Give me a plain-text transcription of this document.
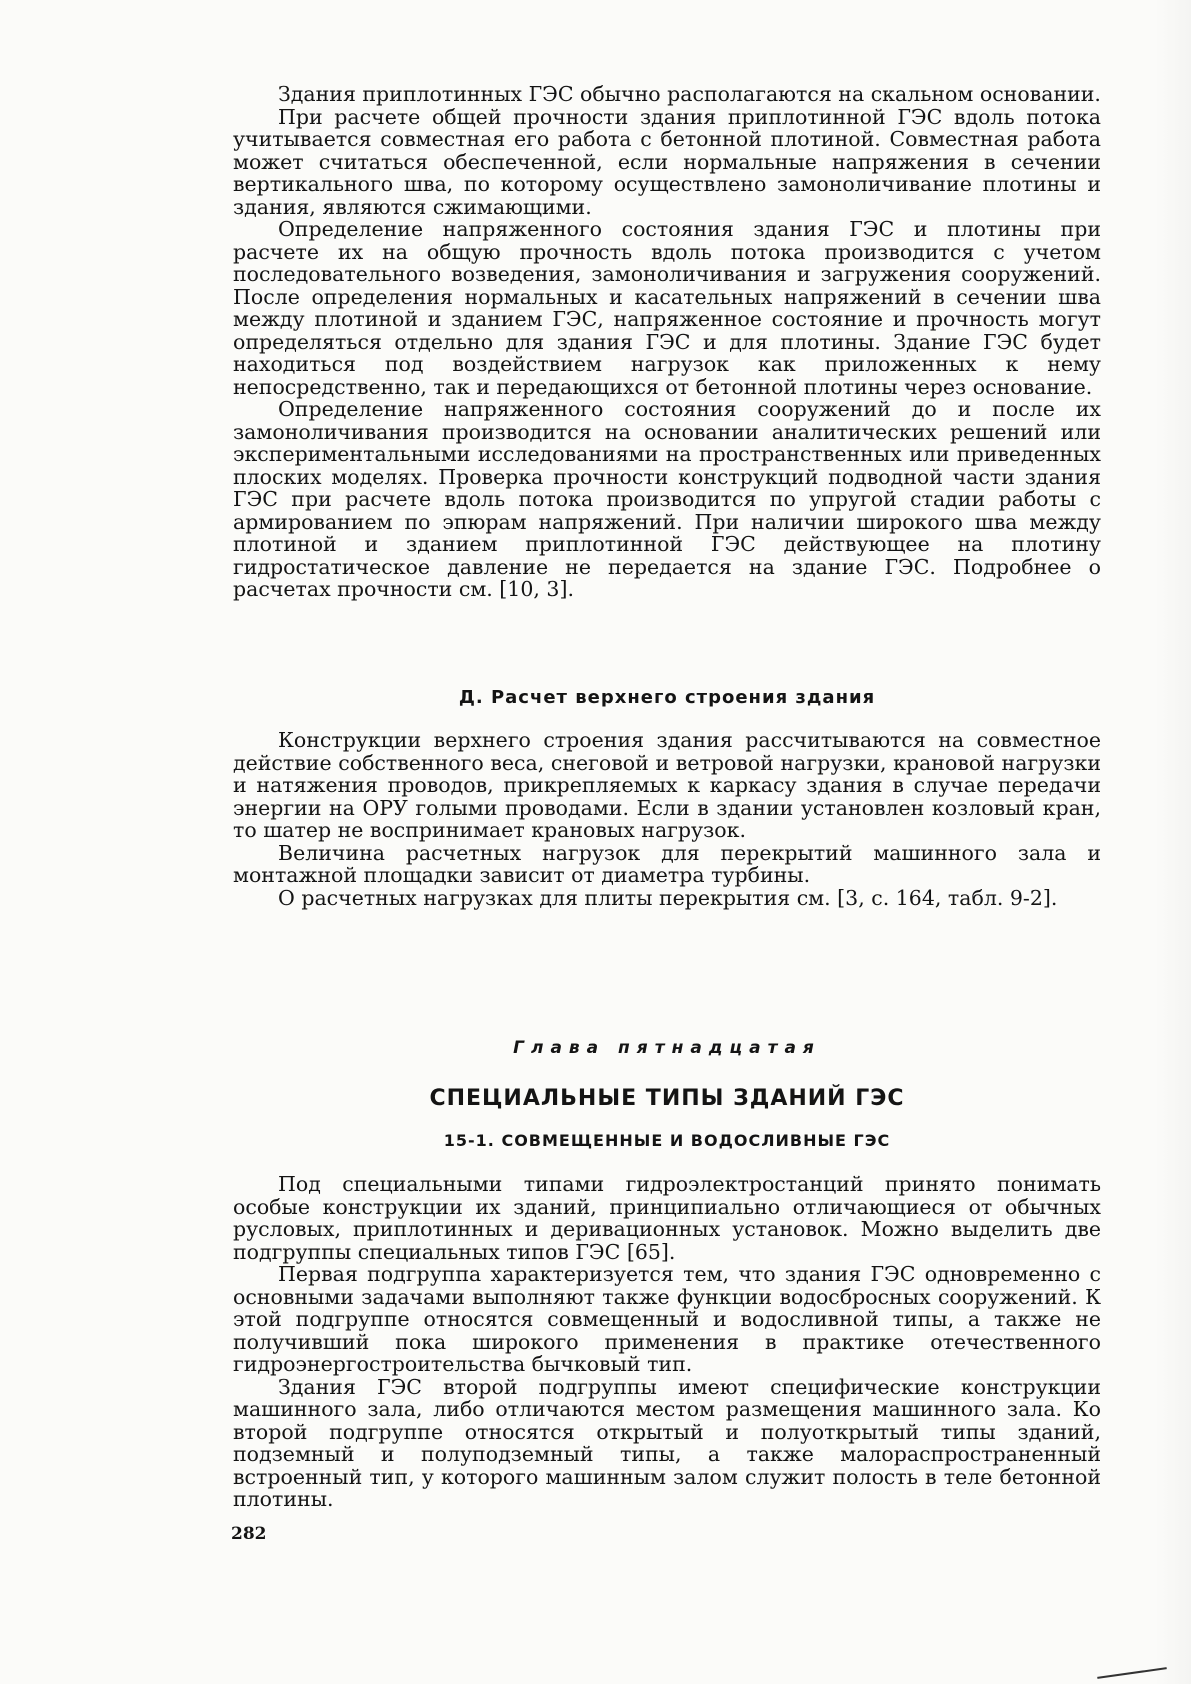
Здания приплотинных ГЭС обычно располагаются на скальном основании.

При расчете общей прочности здания приплотинной ГЭС вдоль потока учитывается совместная его работа с бетонной плотиной. Совместная работа может считаться обеспеченной, если нормальные напряжения в сечении вертикального шва, по которому осуществлено замоноличивание плотины и здания, являются сжимающими.

Определение напряженного состояния здания ГЭС и плотины при расчете их на общую прочность вдоль потока производится с учетом последовательного возведения, замоноличивания и загружения сооружений. После определения нормальных и касательных напряжений в сечении шва между плотиной и зданием ГЭС, напряженное состояние и прочность могут определяться отдельно для здания ГЭС и для плотины. Здание ГЭС будет находиться под воздействием нагрузок как приложенных к нему непосредственно, так и передающихся от бетонной плотины через основание.

Определение напряженного состояния сооружений до и после их замоноличивания производится на основании аналитических решений или экспериментальными исследованиями на пространственных или приведенных плоских моделях. Проверка прочности конструкций подводной части здания ГЭС при расчете вдоль потока производится по упругой стадии работы с армированием по эпюрам напряжений. При наличии широкого шва между плотиной и зданием приплотинной ГЭС действующее на плотину гидростатическое давление не передается на здание ГЭС. Подробнее о расчетах прочности см. [10, 3].

Д. Расчет верхнего строения здания

Конструкции верхнего строения здания рассчитываются на совместное действие собственного веса, снеговой и ветровой нагрузки, крановой нагрузки и натяжения проводов, прикрепляемых к каркасу здания в случае передачи энергии на ОРУ голыми проводами. Если в здании установлен козловый кран, то шатер не воспринимает крановых нагрузок.

Величина расчетных нагрузок для перекрытий машинного зала и монтажной площадки зависит от диаметра турбины.

О расчетных нагрузках для плиты перекрытия см. [3, с. 164, табл. 9-2].

Глава пятнадцатая
СПЕЦИАЛЬНЫЕ ТИПЫ ЗДАНИЙ ГЭС
15-1. СОВМЕЩЕННЫЕ И ВОДОСЛИВНЫЕ ГЭС

Под специальными типами гидроэлектростанций принято понимать особые конструкции их зданий, принципиально отличающиеся от обычных русловых, приплотинных и деривационных установок. Можно выделить две подгруппы специальных типов ГЭС [65].

Первая подгруппа характеризуется тем, что здания ГЭС одновременно с основными задачами выполняют также функции водосбросных сооружений. К этой подгруппе относятся совмещенный и водосливной типы, а также не получивший пока широкого применения в практике отечественного гидроэнергостроительства бычковый тип.

Здания ГЭС второй подгруппы имеют специфические конструкции машинного зала, либо отличаются местом размещения машинного зала. Ко второй подгруппе относятся открытый и полуоткрытый типы зданий, подземный и полуподземный типы, а также малораспространенный встроенный тип, у которого машинным залом служит полость в теле бетонной плотины.

282
